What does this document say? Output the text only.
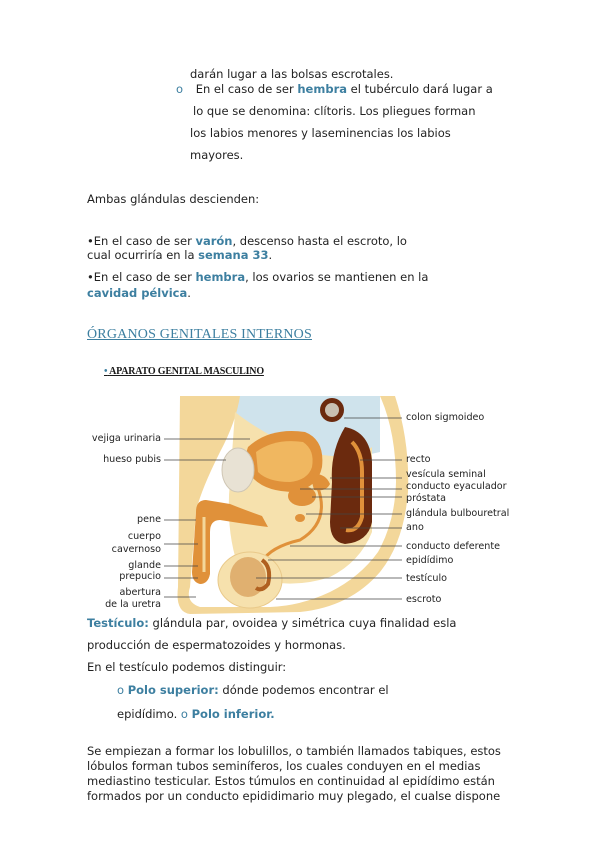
darán lugar a las bolsas escrotales.
o En el caso de ser hembra el tubérculo dará lugar a
lo que se denomina: clítoris. Los pliegues forman
los labios menores y laseminencias los labios
mayores.
Ambas glándulas descienden:
•En el caso de ser varón, descenso hasta el escroto, lo
cual ocurriría en la semana 33.
•En el caso de ser hembra, los ovarios se mantienen en la
cavidad pélvica.
ÓRGANOS GENITALES INTERNOS
• APARATO GENITAL MASCULINO
vejiga urinaria
hueso pubis
pene
cuerpo
cavernoso
glande
prepucio
abertura
de la uretra
colon sigmoideo
recto
vesícula seminal
conducto eyaculador
próstata
glándula bulbouretral
ano
conducto deferente
epidídimo
testículo
escroto
Testículo: glándula par, ovoidea y simétrica cuya finalidad esla
producción de espermatozoides y hormonas.
En el testículo podemos distinguir:
o Polo superior: dónde podemos encontrar el
epidídimo. o Polo inferior.
Se empiezan a formar los lobulillos, o también llamados tabiques, estos
lóbulos forman tubos seminíferos, los cuales conduyen en el medias
mediastino testicular. Estos túmulos en continuidad al epidídimo están
formados por un conducto epididimario muy plegado, el cualse dispone
